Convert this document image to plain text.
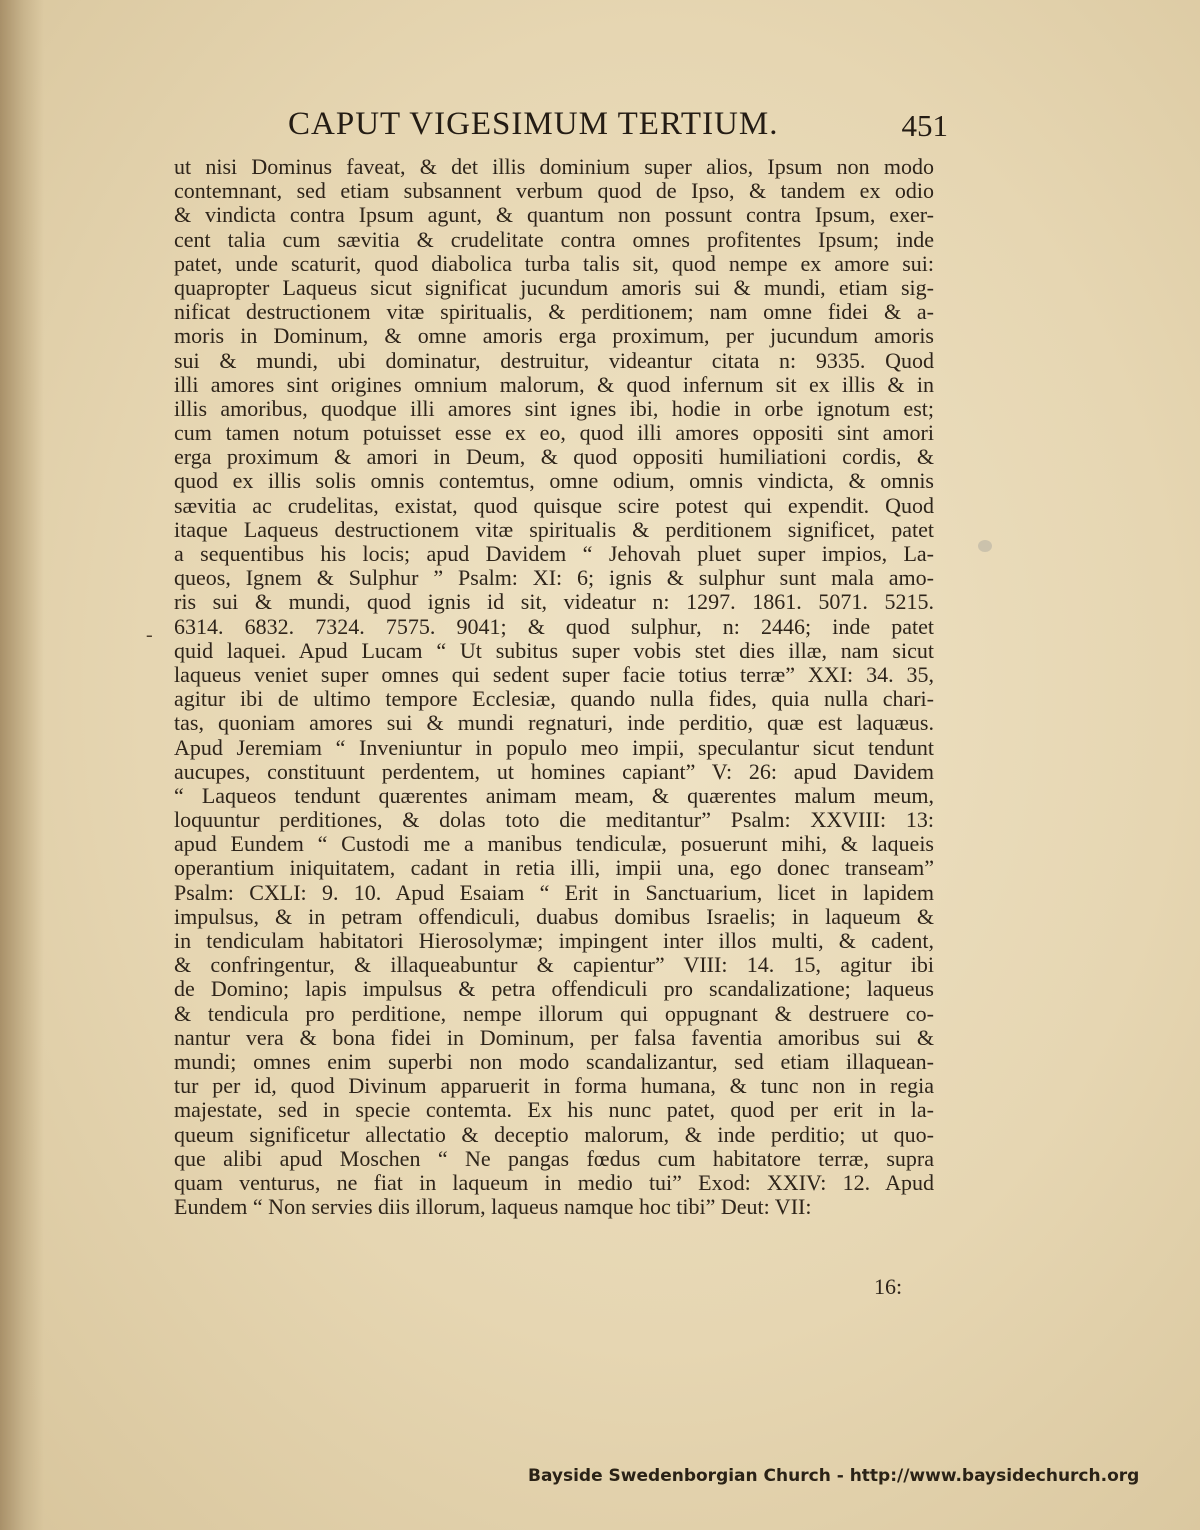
CAPUT VIGESIMUM TERTIUM.	451
-
ut nisi Dominus faveat, & det illis dominium super alios, Ipsum non modo
contemnant, sed etiam subsannent verbum quod de Ipso, & tandem ex odio
& vindicta contra Ipsum agunt, & quantum non possunt contra Ipsum, exer-
cent talia cum sævitia & crudelitate contra omnes profitentes Ipsum; inde
patet, unde scaturit, quod diabolica turba talis sit, quod nempe ex amore sui:
quapropter Laqueus sicut significat jucundum amoris sui & mundi, etiam sig-
nificat destructionem vitæ spiritualis, & perditionem; nam omne fidei & a-
moris in Dominum, & omne amoris erga proximum, per jucundum amoris
sui & mundi, ubi dominatur, destruitur, videantur citata n: 9335. Quod
illi amores sint origines omnium malorum, & quod infernum sit ex illis & in
illis amoribus, quodque illi amores sint ignes ibi, hodie in orbe ignotum est;
cum tamen notum potuisset esse ex eo, quod illi amores oppositi sint amori
erga proximum & amori in Deum, & quod oppositi humiliationi cordis, &
quod ex illis solis omnis contemtus, omne odium, omnis vindicta, & omnis
sævitia ac crudelitas, existat, quod quisque scire potest qui expendit. Quod
itaque Laqueus destructionem vitæ spiritualis & perditionem significet, patet
a sequentibus his locis; apud Davidem “ Jehovah pluet super impios, La-
queos, Ignem & Sulphur ” Psalm: XI: 6; ignis & sulphur sunt mala amo-
ris sui & mundi, quod ignis id sit, videatur n: 1297. 1861. 5071. 5215.
6314. 6832. 7324. 7575. 9041; & quod sulphur, n: 2446; inde patet
quid laquei. Apud Lucam “ Ut subitus super vobis stet dies illæ, nam sicut
laqueus veniet super omnes qui sedent super facie totius terræ” XXI: 34. 35,
agitur ibi de ultimo tempore Ecclesiæ, quando nulla fides, quia nulla chari-
tas, quoniam amores sui & mundi regnaturi, inde perditio, quæ est laquæus.
Apud Jeremiam “ Inveniuntur in populo meo impii, speculantur sicut tendunt
aucupes, constituunt perdentem, ut homines capiant” V: 26: apud Davidem
“ Laqueos tendunt quærentes animam meam, & quærentes malum meum,
loquuntur perditiones, & dolas toto die meditantur” Psalm: XXVIII: 13:
apud Eundem “ Custodi me a manibus tendiculæ, posuerunt mihi, & laqueis
operantium iniquitatem, cadant in retia illi, impii una, ego donec transeam”
Psalm: CXLI: 9. 10. Apud Esaiam “ Erit in Sanctuarium, licet in lapidem
impulsus, & in petram offendiculi, duabus domibus Israelis; in laqueum &
in tendiculam habitatori Hierosolymæ; impingent inter illos multi, & cadent,
& confringentur, & illaqueabuntur & capientur” VIII: 14. 15, agitur ibi
de Domino; lapis impulsus & petra offendiculi pro scandalizatione; laqueus
& tendicula pro perditione, nempe illorum qui oppugnant & destruere co-
nantur vera & bona fidei in Dominum, per falsa faventia amoribus sui &
mundi; omnes enim superbi non modo scandalizantur, sed etiam illaquean-
tur per id, quod Divinum apparuerit in forma humana, & tunc non in regia
majestate, sed in specie contemta. Ex his nunc patet, quod per erit in la-
queum significetur allectatio & deceptio malorum, & inde perditio; ut quo-
que alibi apud Moschen “ Ne pangas fœdus cum habitatore terræ, supra
quam venturus, ne fiat in laqueum in medio tui” Exod: XXIV: 12. Apud
Eundem “ Non servies diis illorum, laqueus namque hoc tibi” Deut: VII:
16:
Bayside Swedenborgian Church - http://www.baysidechurch.org
